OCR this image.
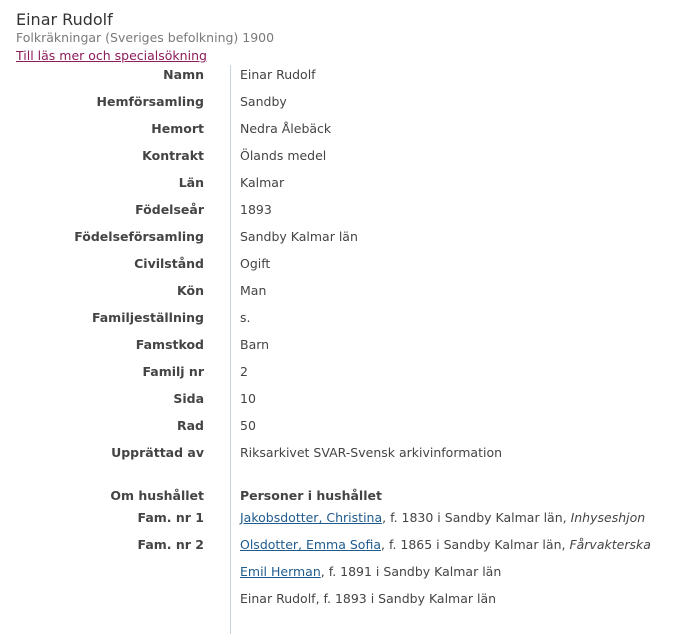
Einar Rudolf
Folkräkningar (Sveriges befolkning) 1900
Till läs mer och specialsökning
Namn	Einar Rudolf
Hemförsamling	Sandby
Hemort	Nedra Ålebäck
Kontrakt	Ölands medel
Län	Kalmar
Födelseår	1893
Födelseförsamling	Sandby Kalmar län
Civilstånd	Ogift
Kön	Man
Familjeställning	s.
Famstkod	Barn
Familj nr	2
Sida	10
Rad	50
Upprättad av	Riksarkivet SVAR-Svensk arkivinformation
Om hushållet	Personer i hushållet
Fam. nr 1	Jakobsdotter, Christina, f. 1830 i Sandby Kalmar län, Inhyseshjon
Fam. nr 2	Olsdotter, Emma Sofia, f. 1865 i Sandby Kalmar län, Fårvakterska
Emil Herman, f. 1891 i Sandby Kalmar län
Einar Rudolf, f. 1893 i Sandby Kalmar län
